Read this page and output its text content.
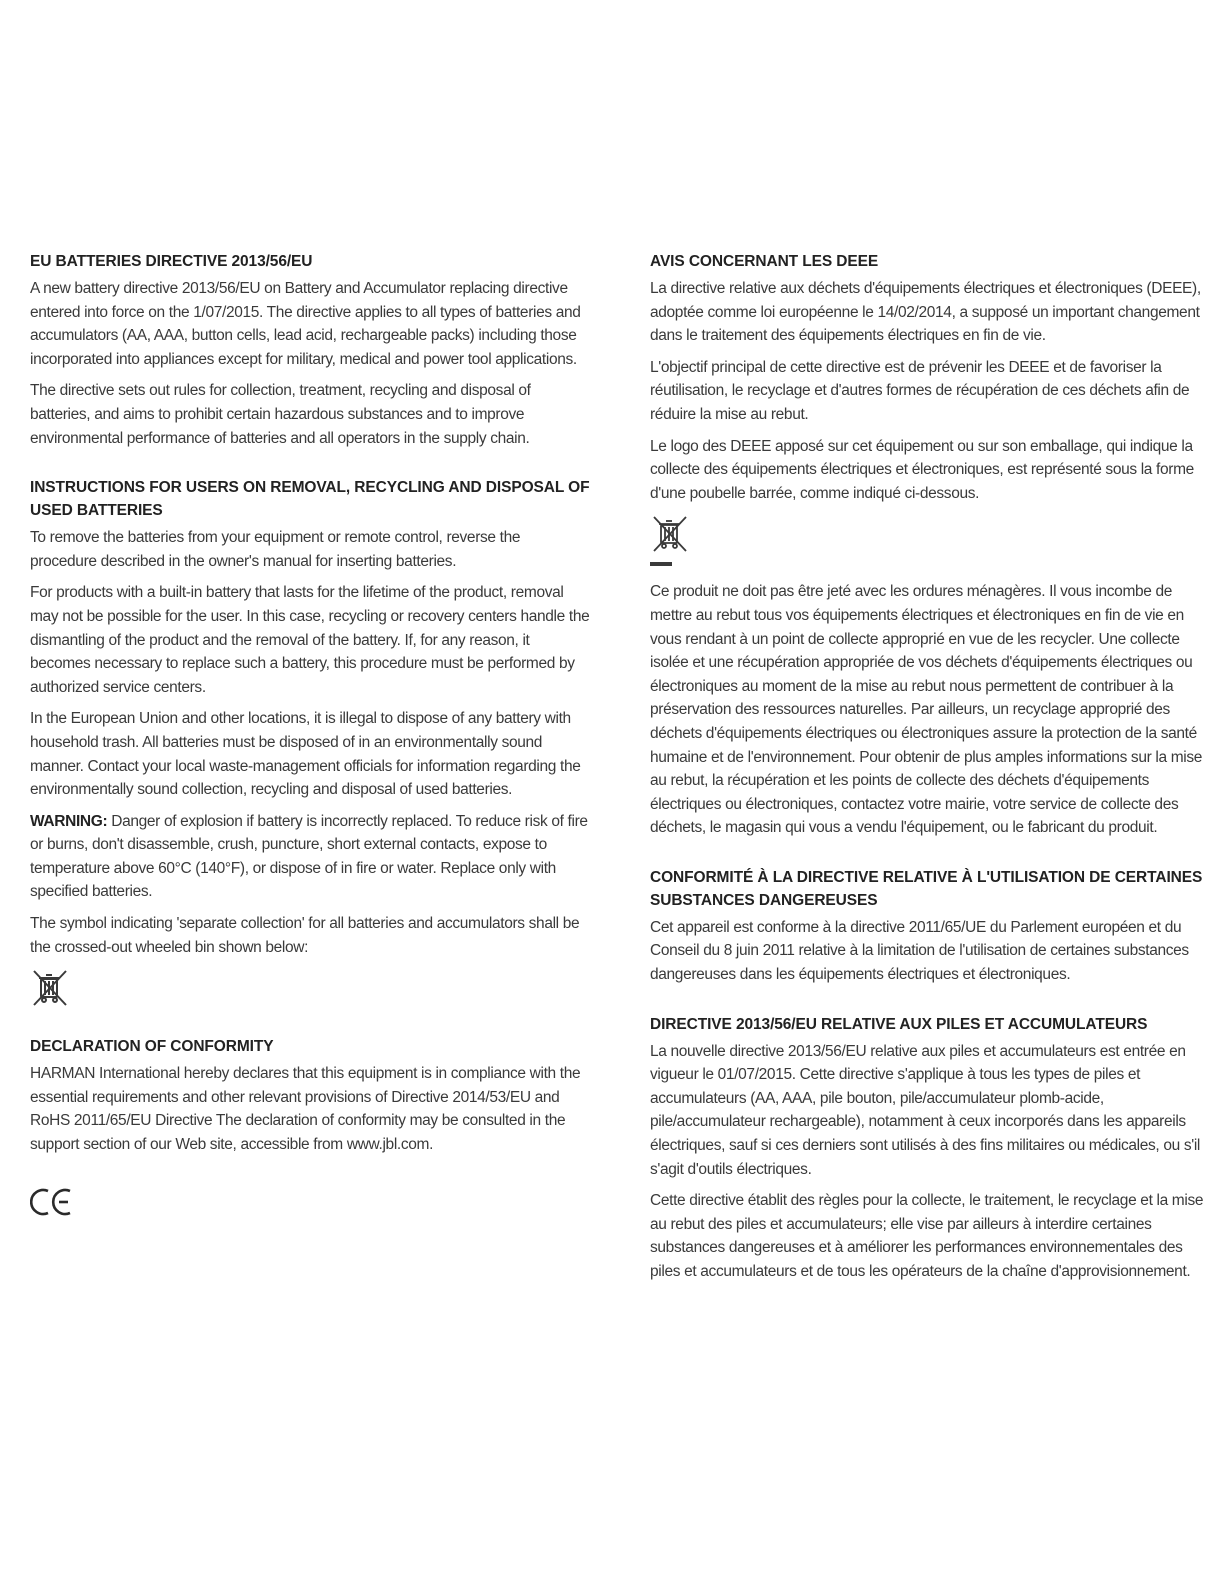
EU BATTERIES DIRECTIVE 2013/56/EU

A new battery directive 2013/56/EU on Battery and Accumulator replacing directive entered into force on the 1/07/2015. The directive applies to all types of batteries and accumulators (AA, AAA, button cells, lead acid, rechargeable packs) including those incorporated into appliances except for military, medical and power tool applications.

The directive sets out rules for collection, treatment, recycling and disposal of batteries, and aims to prohibit certain hazardous substances and to improve environmental performance of batteries and all operators in the supply chain.

INSTRUCTIONS FOR USERS ON REMOVAL, RECYCLING AND DISPOSAL OF USED BATTERIES

To remove the batteries from your equipment or remote control, reverse the procedure described in the owner's manual for inserting batteries.

For products with a built-in battery that lasts for the lifetime of the product, removal may not be possible for the user. In this case, recycling or recovery centers handle the dismantling of the product and the removal of the battery. If, for any reason, it becomes necessary to replace such a battery, this procedure must be performed by authorized service centers.

In the European Union and other locations, it is illegal to dispose of any battery with household trash. All batteries must be disposed of in an environmentally sound manner. Contact your local waste-management officials for information regarding the environmentally sound collection, recycling and disposal of used batteries.

WARNING: Danger of explosion if battery is incorrectly replaced. To reduce risk of fire or burns, don't disassemble, crush, puncture, short external contacts, expose to temperature above 60°C (140°F), or dispose of in fire or water. Replace only with specified batteries.

The symbol indicating 'separate collection' for all batteries and accumulators shall be the crossed-out wheeled bin shown below:

DECLARATION OF CONFORMITY

HARMAN International hereby declares that this equipment is in compliance with the essential requirements and other relevant provisions of Directive 2014/53/EU and RoHS 2011/65/EU Directive The declaration of conformity may be consulted in the support section of our Web site, accessible from www.jbl.com.

AVIS CONCERNANT LES DEEE

La directive relative aux déchets d'équipements électriques et électroniques (DEEE), adoptée comme loi européenne le 14/02/2014, a supposé un important changement dans le traitement des équipements électriques en fin de vie.

L'objectif principal de cette directive est de prévenir les DEEE et de favoriser la réutilisation, le recyclage et d'autres formes de récupération de ces déchets afin de réduire la mise au rebut.

Le logo des DEEE apposé sur cet équipement ou sur son emballage, qui indique la collecte des équipements électriques et électroniques, est représenté sous la forme d'une poubelle barrée, comme indiqué ci-dessous.

Ce produit ne doit pas être jeté avec les ordures ménagères. Il vous incombe de mettre au rebut tous vos équipements électriques et électroniques en fin de vie en vous rendant à un point de collecte approprié en vue de les recycler. Une collecte isolée et une récupération appropriée de vos déchets d'équipements électriques ou électroniques au moment de la mise au rebut nous permettent de contribuer à la préservation des ressources naturelles. Par ailleurs, un recyclage approprié des déchets d'équipements électriques ou électroniques assure la protection de la santé humaine et de l'environnement. Pour obtenir de plus amples informations sur la mise au rebut, la récupération et les points de collecte des déchets d'équipements électriques ou électroniques, contactez votre mairie, votre service de collecte des déchets, le magasin qui vous a vendu l'équipement, ou le fabricant du produit.

CONFORMITÉ À LA DIRECTIVE RELATIVE À L'UTILISATION DE CERTAINES SUBSTANCES DANGEREUSES

Cet appareil est conforme à la directive 2011/65/UE du Parlement européen et du Conseil du 8 juin 2011 relative à la limitation de l'utilisation de certaines substances dangereuses dans les équipements électriques et électroniques.

DIRECTIVE 2013/56/EU RELATIVE AUX PILES ET ACCUMULATEURS

La nouvelle directive 2013/56/EU relative aux piles et accumulateurs est entrée en vigueur le 01/07/2015. Cette directive s'applique à tous les types de piles et accumulateurs (AA, AAA, pile bouton, pile/accumulateur plomb-acide, pile/accumulateur rechargeable), notamment à ceux incorporés dans les appareils électriques, sauf si ces derniers sont utilisés à des fins militaires ou médicales, ou s'il s'agit d'outils électriques.

Cette directive établit des règles pour la collecte, le traitement, le recyclage et la mise au rebut des piles et accumulateurs; elle vise par ailleurs à interdire certaines substances dangereuses et à améliorer les performances environnementales des piles et accumulateurs et de tous les opérateurs de la chaîne d'approvisionnement.
